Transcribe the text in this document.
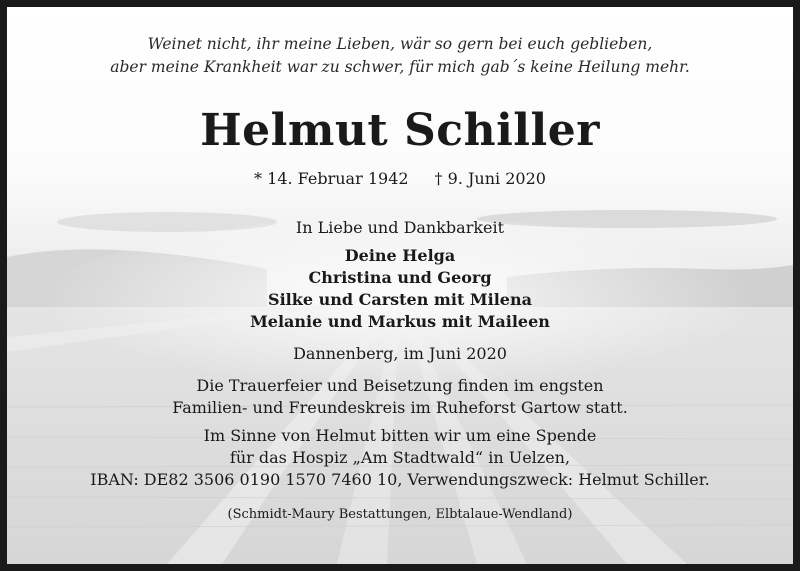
Weinet nicht, ihr meine Lieben, wär so gern bei euch geblieben,
aber meine Krankheit war zu schwer, für mich gab´s keine Heilung mehr.
Helmut Schiller
* 14. Februar 1942 † 9. Juni 2020
In Liebe und Dankbarkeit
Deine Helga
Christina und Georg
Silke und Carsten mit Milena
Melanie und Markus mit Maileen
Dannenberg, im Juni 2020
Die Trauerfeier und Beisetzung finden im engsten
Familien- und Freundeskreis im Ruheforst Gartow statt.
Im Sinne von Helmut bitten wir um eine Spende
für das Hospiz „Am Stadtwald“ in Uelzen,
IBAN: DE82 3506 0190 1570 7460 10, Verwendungszweck: Helmut Schiller.
(Schmidt-Maury Bestattungen, Elbtalaue-Wendland)
